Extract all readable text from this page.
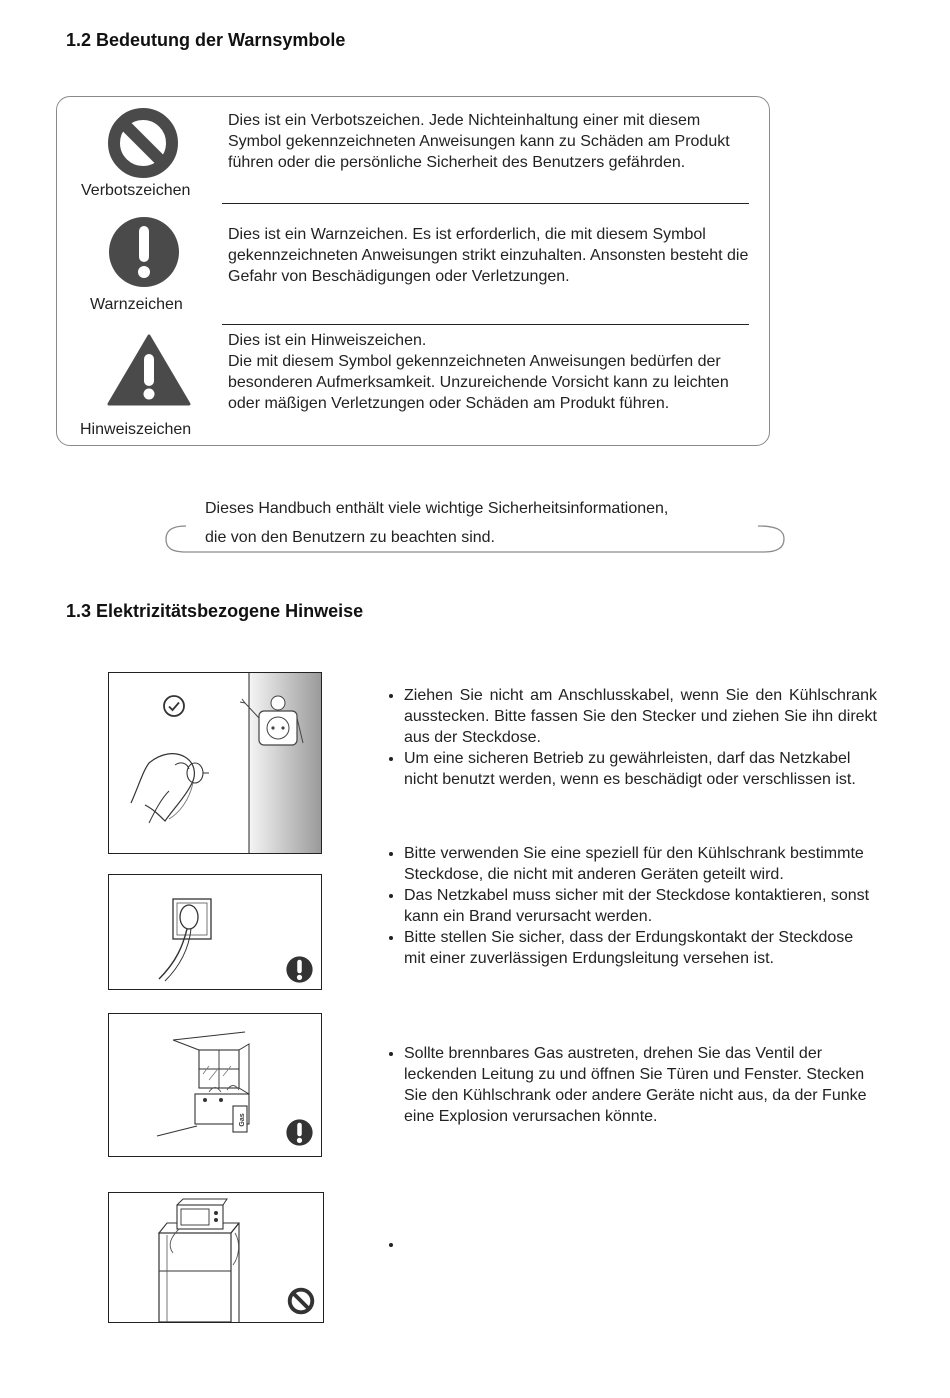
1.2 Bedeutung der Warnsymbole
Verbotszeichen

Dies ist ein Verbotszeichen. Jede Nichteinhaltung einer mit diesem Symbol gekennzeichneten Anweisungen kann zu Schäden am Produkt führen oder die persönliche Sicherheit des Benutzers gefährden.

Warnzeichen

Dies ist ein Warnzeichen. Es ist erforderlich, die mit diesem Symbol gekennzeichneten Anweisungen strikt einzuhalten. Ansonsten besteht die Gefahr von Beschädigungen oder Verletzungen.

Hinweiszeichen

Dies ist ein Hinweiszeichen.

Die mit diesem Symbol gekennzeichneten Anweisungen bedürfen der besonderen Aufmerksamkeit. Unzureichende Vorsicht kann zu leichten oder mäßigen Verletzungen oder Schäden am Produkt führen.

Dieses Handbuch enthält viele wichtige Sicherheitsinformationen,
die von den Benutzern zu beachten sind.
1.3 Elektrizitätsbezogene Hinweise
Gas
• Ziehen Sie nicht am Anschlusskabel, wenn Sie den Kühlschrank ausstecken. Bitte fassen Sie den Stecker und ziehen Sie ihn direkt aus der Steckdose.
• Um eine sicheren Betrieb zu gewährleisten, darf das Netzkabel nicht benutzt werden, wenn es beschädigt oder verschlissen ist.
• Bitte verwenden Sie eine speziell für den Kühlschrank bestimmte Steckdose, die nicht mit anderen Geräten geteilt wird.
• Das Netzkabel muss sicher mit der Steckdose kontaktieren, sonst kann ein Brand verursacht werden.
• Bitte stellen Sie sicher, dass der Erdungskontakt der Steckdose mit einer zuverlässigen Erdungsleitung versehen ist.
• Sollte brennbares Gas austreten, drehen Sie das Ventil der leckenden Leitung zu und öffnen Sie Türen und Fenster. Stecken Sie den Kühlschrank oder andere Geräte nicht aus, da der Funke eine Explosion verursachen könnte.
•
